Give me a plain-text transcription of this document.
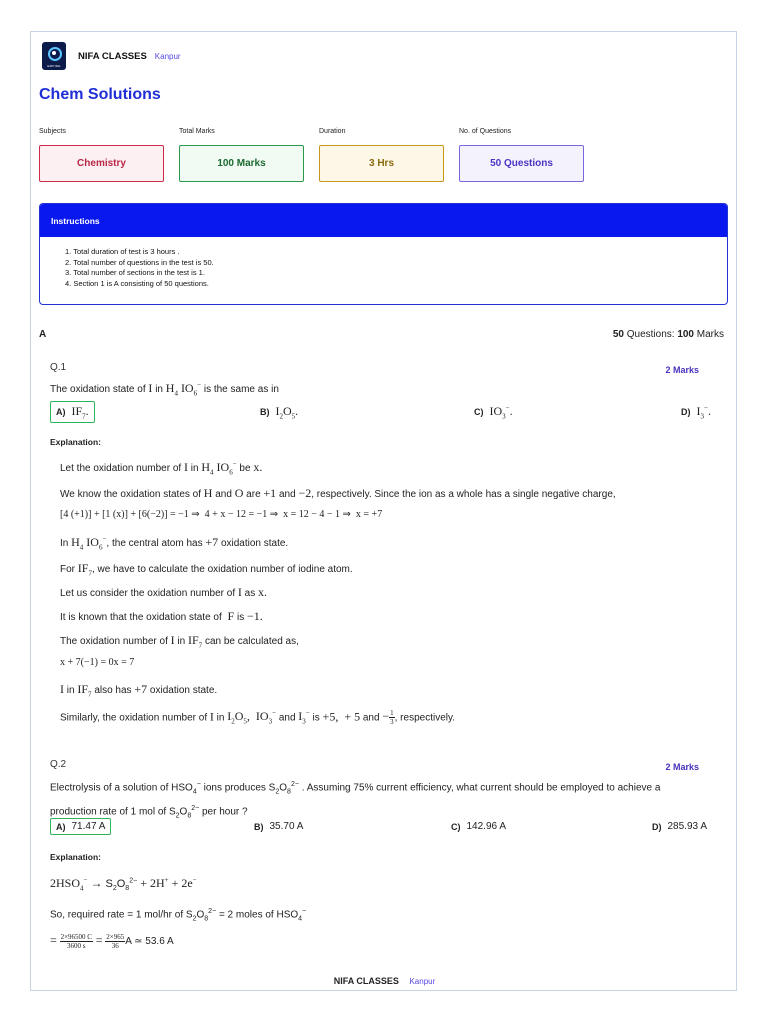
EMPIRE
NIFA CLASSES Kanpur
Chem Solutions
Subjects	Total Marks	Duration	No. of Questions
Chemistry	100 Marks	3 Hrs	50 Questions
Instructions
1. Total duration of test is 3 hours .
2. Total number of questions in the test is 50.
3. Total number of sections in the test is 1.
4. Section 1 is A consisting of 50 questions.
A	50 Questions: 100 Marks
Q.1	2 Marks
The oxidation state of I in $H_4$ $IO_6^-$ is the same as in
A) $IF_7$.	B) $I_2O_5$.	C) $IO_3^-$.	D) $I_3^-$.
Explanation:
Let the oxidation number of I in $H_4$ $IO_6^-$ be x.
We know the oxidation states of H and O are +1 and −2, respectively. Since the ion as a whole has a single negative charge,
[4 (+1)] + [1 (x)] + [6(−2)] = −1 ⇒  4 + x − 12 = −1 ⇒  x = 12 − 4 − 1 ⇒  x = +7
In $H_4$ $IO_6^-$, the central atom has +7 oxidation state.
For $IF_7$, we have to calculate the oxidation number of iodine atom.
Let us consider the oxidation number of I as x.
It is known that the oxidation state of  F is −1.
The oxidation number of I in $IF_7$ can be calculated as,
x + 7(−1) = 0x = 7
I in $IF_7$ also has +7 oxidation state.
Similarly, the oxidation number of I in $I_2O_5$,  $IO_3^-$ and $I_3^-$ is +5,  + 5 and − $\frac{1}{3}$ , respectively.
Q.2	2 Marks
Electrolysis of a solution of $HSO_4^-$ ions produces $S_2O_8^{2-}$ . Assuming 75% current efficiency, what current should be employed to achieve a
production rate of 1 mol of $S_2O_8^{2-}$ per hour ?
A) 71.47 A	B) 35.70 A	C) 142.96 A	D) 285.93 A
Explanation:
$2HSO_4^- \to S_2O_8^{2-} + 2H^+ + 2e^-$
So, required rate = 1 mol/hr of $S_2O_8^{2-} = 2$ moles of $HSO_4^-$
= $\frac{2\times 96500 C}{3600 s} = \frac{2\times 965}{36}$ A ≃ 53.6 A
NIFA CLASSES Kanpur
